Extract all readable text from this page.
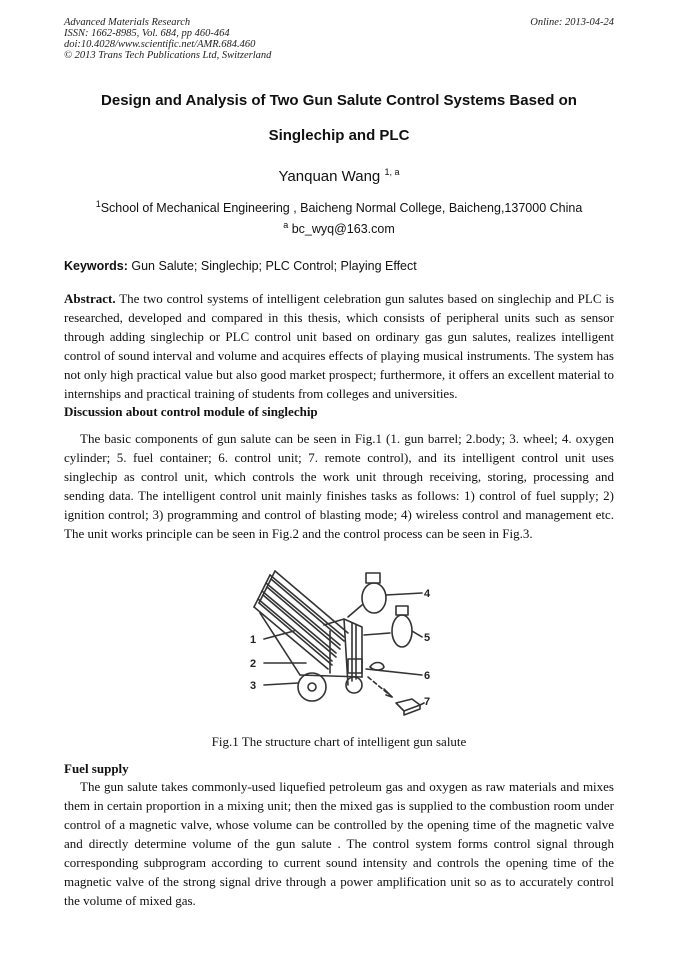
Advanced Materials Research
ISSN: 1662-8985, Vol. 684, pp 460-464
doi:10.4028/www.scientific.net/AMR.684.460
© 2013 Trans Tech Publications Ltd, Switzerland
Online: 2013-04-24
Design and Analysis of Two Gun Salute Control Systems Based on
Singlechip and PLC
Yanquan Wang $^{1, a}$
$^1$School of Mechanical Engineering , Baicheng Normal College, Baicheng,137000 China
$^a$ bc_wyq@163.com
Keywords: Gun Salute; Singlechip; PLC Control; Playing Effect
Abstract. The two control systems of intelligent celebration gun salutes based on singlechip and PLC is researched, developed and compared in this thesis, which consists of peripheral units such as sensor through adding singlechip or PLC control unit based on ordinary gas gun salutes, realizes intelligent control of sound interval and volume and acquires effects of playing musical instruments. The system has not only high practical value but also good market prospect; furthermore, it offers an excellent material to internships and practical training of students from colleges and universities.
Discussion about control module of singlechip
The basic components of gun salute can be seen in Fig.1 (1. gun barrel; 2.body; 3. wheel; 4. oxygen cylinder; 5. fuel container; 6. control unit; 7. remote control), and its intelligent control unit uses singlechip as control unit, which controls the work unit through receiving, storing, processing and sending data. The intelligent control unit mainly finishes tasks as follows: 1) control of fuel supply; 2) ignition control; 3) programming and control of blasting mode; 4) wireless control and management etc. The unit works principle can be seen in Fig.2 and the control process can be seen in Fig.3.
1
2
3
4
5
6
7
Fig.1 The structure chart of intelligent gun salute
Fuel supply
The gun salute takes commonly-used liquefied petroleum gas and oxygen as raw materials and mixes them in certain proportion in a mixing unit; then the mixed gas is supplied to the combustion room under control of a magnetic valve, whose volume can be controlled by the opening time of the magnetic valve and directly determine volume of the gun salute . The control system forms control signal through corresponding subprogram according to current sound intensity and controls the opening time of the magnetic valve of the strong signal drive through a power amplification unit so as to accurately control the volume of mixed gas.
